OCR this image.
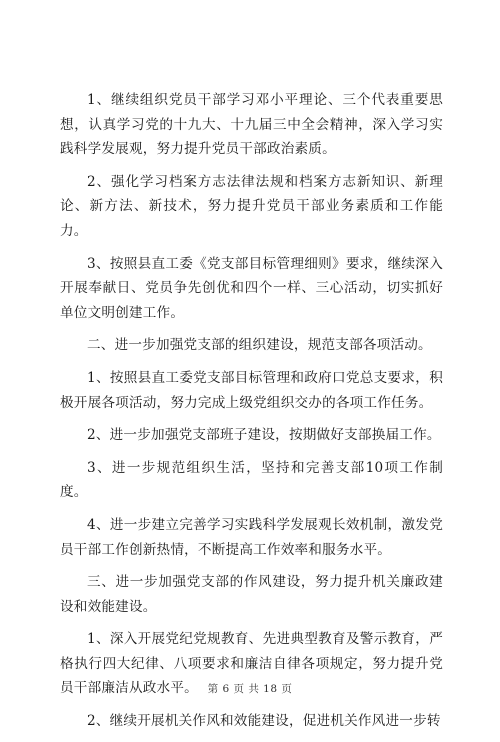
1、继续组织党员干部学习邓小平理论、三个代表重要思想，认真学习党的十九大、十九届三中全会精神，深入学习实践科学发展观，努力提升党员干部政治素质。

2、强化学习档案方志法律法规和档案方志新知识、新理论、新方法、新技术，努力提升党员干部业务素质和工作能力。

3、按照县直工委《党支部目标管理细则》要求，继续深入开展奉献日、党员争先创优和四个一样、三心活动，切实抓好单位文明创建工作。

二、进一步加强党支部的组织建设，规范支部各项活动。

1、按照县直工委党支部目标管理和政府口党总支要求，积极开展各项活动，努力完成上级党组织交办的各项工作任务。

2、进一步加强党支部班子建设，按期做好支部换届工作。

3、进一步规范组织生活，坚持和完善支部10项工作制度。

4、进一步建立完善学习实践科学发展观长效机制，激发党员干部工作创新热情，不断提高工作效率和服务水平。

三、进一步加强党支部的作风建设，努力提升机关廉政建设和效能建设。

1、深入开展党纪党规教育、先进典型教育及警示教育，严格执行四大纪律、八项要求和廉洁自律各项规定，努力提升党员干部廉洁从政水平。

2、继续开展机关作风和效能建设，促进机关作风进一步转

第 6 页 共 18 页
